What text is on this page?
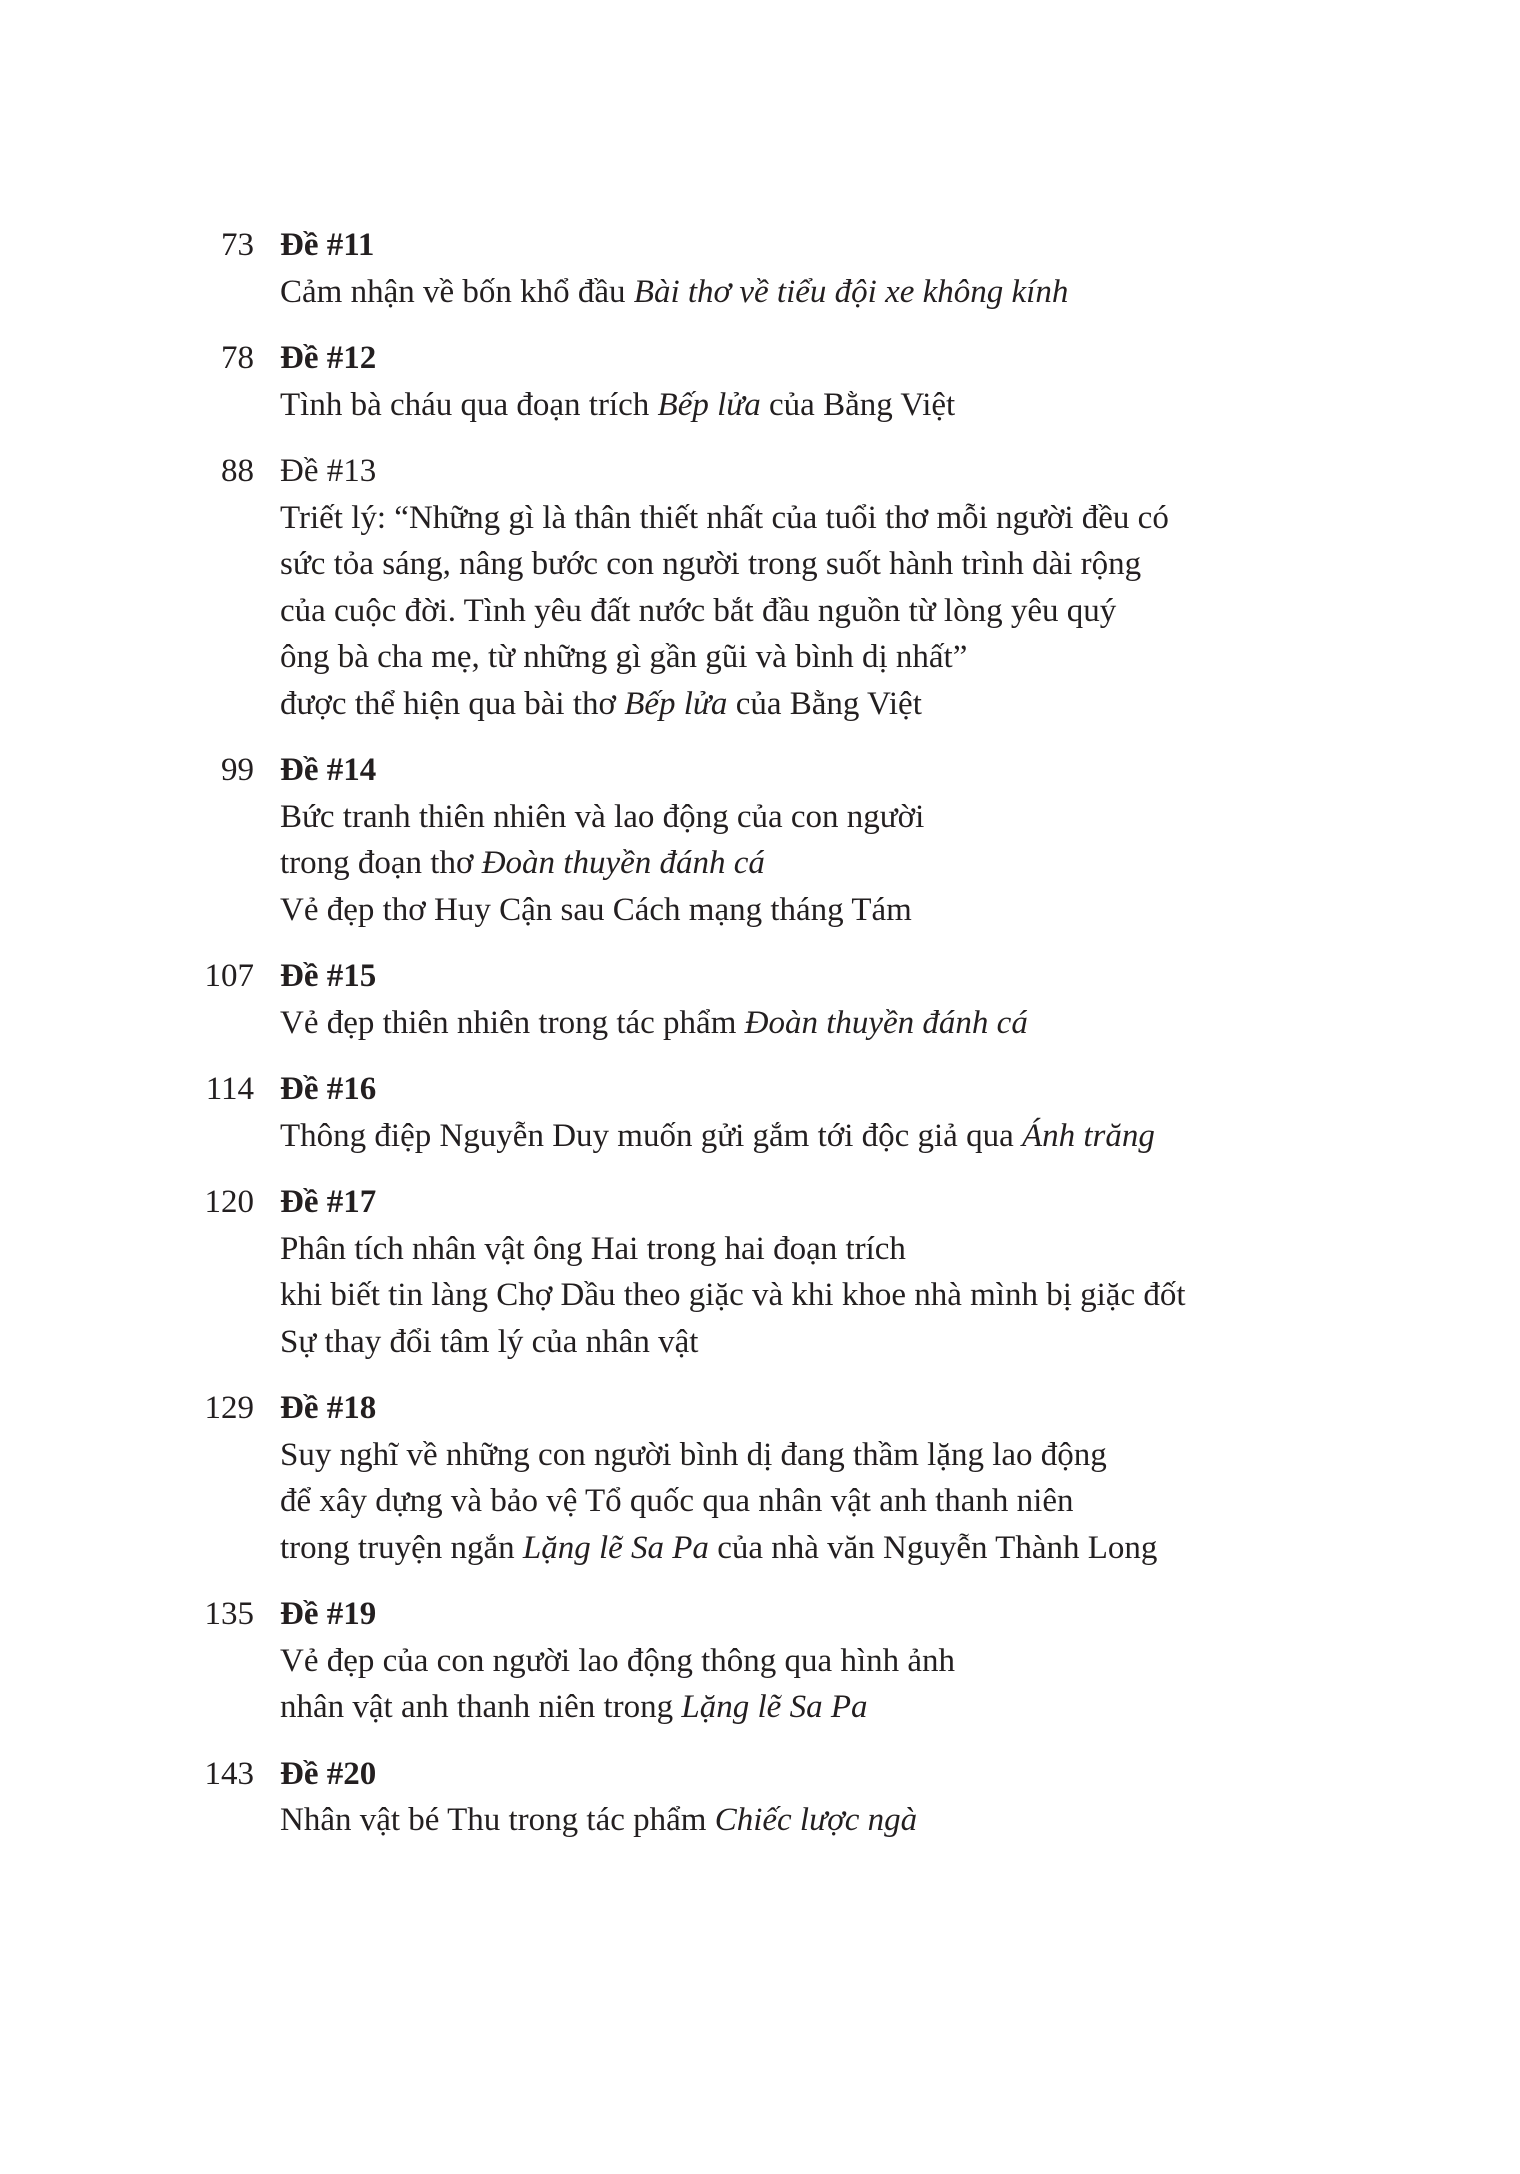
73 Đề #11
Cảm nhận về bốn khổ đầu Bài thơ về tiểu đội xe không kính
78 Đề #12
Tình bà cháu qua đoạn trích Bếp lửa của Bằng Việt
88 Đề #13
Triết lý: “Những gì là thân thiết nhất của tuổi thơ mỗi người đều có
sức tỏa sáng, nâng bước con người trong suốt hành trình dài rộng
của cuộc đời. Tình yêu đất nước bắt đầu nguồn từ lòng yêu quý
ông bà cha mẹ, từ những gì gần gũi và bình dị nhất”
được thể hiện qua bài thơ Bếp lửa của Bằng Việt
99 Đề #14
Bức tranh thiên nhiên và lao động của con người
trong đoạn thơ Đoàn thuyền đánh cá
Vẻ đẹp thơ Huy Cận sau Cách mạng tháng Tám
107 Đề #15
Vẻ đẹp thiên nhiên trong tác phẩm Đoàn thuyền đánh cá
114 Đề #16
Thông điệp Nguyễn Duy muốn gửi gắm tới độc giả qua Ánh trăng
120 Đề #17
Phân tích nhân vật ông Hai trong hai đoạn trích
khi biết tin làng Chợ Dầu theo giặc và khi khoe nhà mình bị giặc đốt
Sự thay đổi tâm lý của nhân vật
129 Đề #18
Suy nghĩ về những con người bình dị đang thầm lặng lao động
để xây dựng và bảo vệ Tổ quốc qua nhân vật anh thanh niên
trong truyện ngắn Lặng lẽ Sa Pa của nhà văn Nguyễn Thành Long
135 Đề #19
Vẻ đẹp của con người lao động thông qua hình ảnh
nhân vật anh thanh niên trong Lặng lẽ Sa Pa
143 Đề #20
Nhân vật bé Thu trong tác phẩm Chiếc lược ngà
